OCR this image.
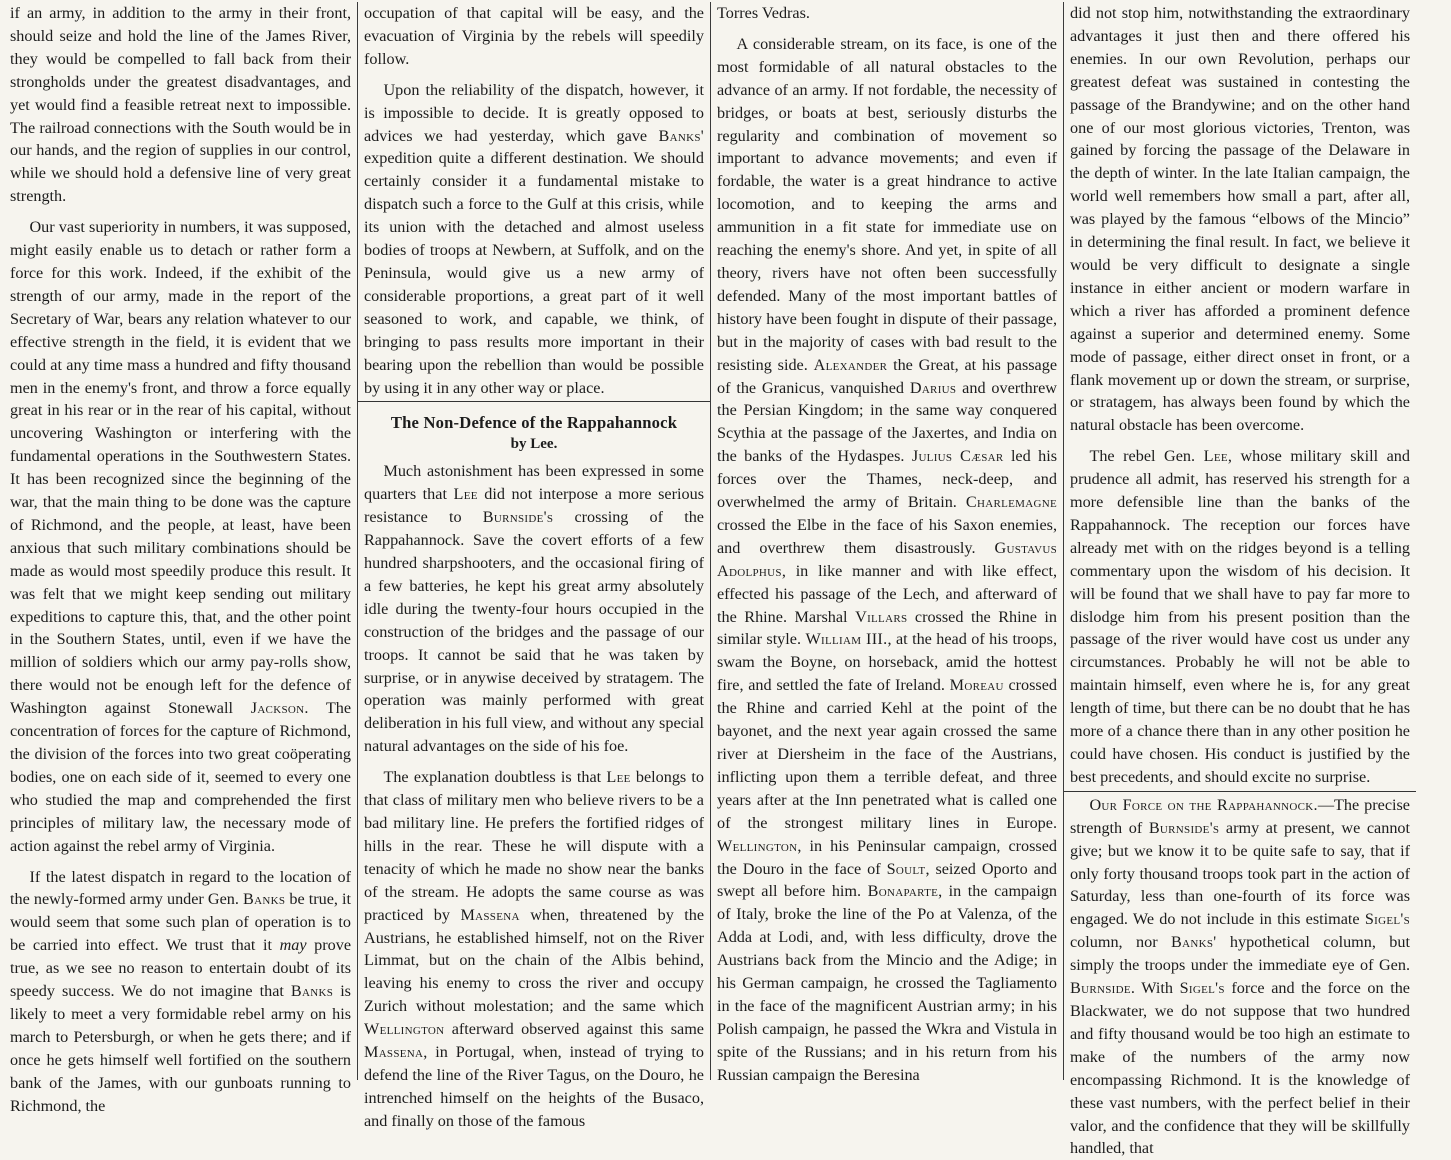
if an army, in addition to the army in their front, should seize and hold the line of the James River, they would be compelled to fall back from their strongholds under the greatest disadvantages, and yet would find a feasible retreat next to impossible. The railroad connections with the South would be in our hands, and the region of supplies in our control, while we should hold a defensive line of very great strength.

Our vast superiority in numbers, it was supposed, might easily enable us to detach or rather form a force for this work. Indeed, if the exhibit of the strength of our army, made in the report of the Secretary of War, bears any relation whatever to our effective strength in the field, it is evident that we could at any time mass a hundred and fifty thousand men in the enemy's front, and throw a force equally great in his rear or in the rear of his capital, without uncovering Washington or interfering with the fundamental operations in the Southwestern States. It has been recognized since the beginning of the war, that the main thing to be done was the capture of Richmond, and the people, at least, have been anxious that such military combinations should be made as would most speedily produce this result. It was felt that we might keep sending out military expeditions to capture this, that, and the other point in the Southern States, until, even if we have the million of soldiers which our army pay-rolls show, there would not be enough left for the defence of Washington against Stonewall Jackson. The concentration of forces for the capture of Richmond, the division of the forces into two great coöperating bodies, one on each side of it, seemed to every one who studied the map and comprehended the first principles of military law, the necessary mode of action against the rebel army of Virginia.

If the latest dispatch in regard to the location of the newly-formed army under Gen. Banks be true, it would seem that some such plan of operation is to be carried into effect. We trust that it may prove true, as we see no reason to entertain doubt of its speedy success. We do not imagine that Banks is likely to meet a very formidable rebel army on his march to Petersburgh, or when he gets there; and if once he gets himself well fortified on the southern bank of the James, with our gunboats running to Richmond, the

occupation of that capital will be easy, and the evacuation of Virginia by the rebels will speedily follow.

Upon the reliability of the dispatch, however, it is impossible to decide. It is greatly opposed to advices we had yesterday, which gave Banks' expedition quite a different destination. We should certainly consider it a fundamental mistake to dispatch such a force to the Gulf at this crisis, while its union with the detached and almost useless bodies of troops at Newbern, at Suffolk, and on the Peninsula, would give us a new army of considerable proportions, a great part of it well seasoned to work, and capable, we think, of bringing to pass results more important in their bearing upon the rebellion than would be possible by using it in any other way or place.

The Non-Defence of the Rappahannock
by Lee.

Much astonishment has been expressed in some quarters that Lee did not interpose a more serious resistance to Burnside's crossing of the Rappahannock. Save the covert efforts of a few hundred sharpshooters, and the occasional firing of a few batteries, he kept his great army absolutely idle during the twenty-four hours occupied in the construction of the bridges and the passage of our troops. It cannot be said that he was taken by surprise, or in anywise deceived by stratagem. The operation was mainly performed with great deliberation in his full view, and without any special natural advantages on the side of his foe.

The explanation doubtless is that Lee belongs to that class of military men who believe rivers to be a bad military line. He prefers the fortified ridges of hills in the rear. These he will dispute with a tenacity of which he made no show near the banks of the stream. He adopts the same course as was practiced by Massena when, threatened by the Austrians, he established himself, not on the River Limmat, but on the chain of the Albis behind, leaving his enemy to cross the river and occupy Zurich without molestation; and the same which Wellington afterward observed against this same Massena, in Portugal, when, instead of trying to defend the line of the River Tagus, on the Douro, he intrenched himself on the heights of the Busaco, and finally on those of the famous

Torres Vedras.

A considerable stream, on its face, is one of the most formidable of all natural obstacles to the advance of an army. If not fordable, the necessity of bridges, or boats at best, seriously disturbs the regularity and combination of movement so important to advance movements; and even if fordable, the water is a great hindrance to active locomotion, and to keeping the arms and ammunition in a fit state for immediate use on reaching the enemy's shore. And yet, in spite of all theory, rivers have not often been successfully defended. Many of the most important battles of history have been fought in dispute of their passage, but in the majority of cases with bad result to the resisting side. Alexander the Great, at his passage of the Granicus, vanquished Darius and overthrew the Persian Kingdom; in the same way conquered Scythia at the passage of the Jaxertes, and India on the banks of the Hydaspes. Julius Cæsar led his forces over the Thames, neck-deep, and overwhelmed the army of Britain. Charlemagne crossed the Elbe in the face of his Saxon enemies, and overthrew them disastrously. Gustavus Adolphus, in like manner and with like effect, effected his passage of the Lech, and afterward of the Rhine. Marshal Villars crossed the Rhine in similar style. William III., at the head of his troops, swam the Boyne, on horseback, amid the hottest fire, and settled the fate of Ireland. Moreau crossed the Rhine and carried Kehl at the point of the bayonet, and the next year again crossed the same river at Diersheim in the face of the Austrians, inflicting upon them a terrible defeat, and three years after at the Inn penetrated what is called one of the strongest military lines in Europe. Wellington, in his Peninsular campaign, crossed the Douro in the face of Soult, seized Oporto and swept all before him. Bonaparte, in the campaign of Italy, broke the line of the Po at Valenza, of the Adda at Lodi, and, with less difficulty, drove the Austrians back from the Mincio and the Adige; in his German campaign, he crossed the Tagliamento in the face of the magnificent Austrian army; in his Polish campaign, he passed the Wkra and Vistula in spite of the Russians; and in his return from his Russian campaign the Beresina

did not stop him, notwithstanding the extraordinary advantages it just then and there offered his enemies. In our own Revolution, perhaps our greatest defeat was sustained in contesting the passage of the Brandywine; and on the other hand one of our most glorious victories, Trenton, was gained by forcing the passage of the Delaware in the depth of winter. In the late Italian campaign, the world well remembers how small a part, after all, was played by the famous “elbows of the Mincio” in determining the final result. In fact, we believe it would be very difficult to designate a single instance in either ancient or modern warfare in which a river has afforded a prominent defence against a superior and determined enemy. Some mode of passage, either direct onset in front, or a flank movement up or down the stream, or surprise, or stratagem, has always been found by which the natural obstacle has been overcome.

The rebel Gen. Lee, whose military skill and prudence all admit, has reserved his strength for a more defensible line than the banks of the Rappahannock. The reception our forces have already met with on the ridges beyond is a telling commentary upon the wisdom of his decision. It will be found that we shall have to pay far more to dislodge him from his present position than the passage of the river would have cost us under any circumstances. Probably he will not be able to maintain himself, even where he is, for any great length of time, but there can be no doubt that he has more of a chance there than in any other position he could have chosen. His conduct is justified by the best precedents, and should excite no surprise.

Our Force on the Rappahannock.—The precise strength of Burnside's army at present, we cannot give; but we know it to be quite safe to say, that if only forty thousand troops took part in the action of Saturday, less than one-fourth of its force was engaged. We do not include in this estimate Sigel's column, nor Banks' hypothetical column, but simply the troops under the immediate eye of Gen. Burnside. With Sigel's force and the force on the Blackwater, we do not suppose that two hundred and fifty thousand would be too high an estimate to make of the numbers of the army now encompassing Richmond. It is the knowledge of these vast numbers, with the perfect belief in their valor, and the confidence that they will be skillfully handled, that
